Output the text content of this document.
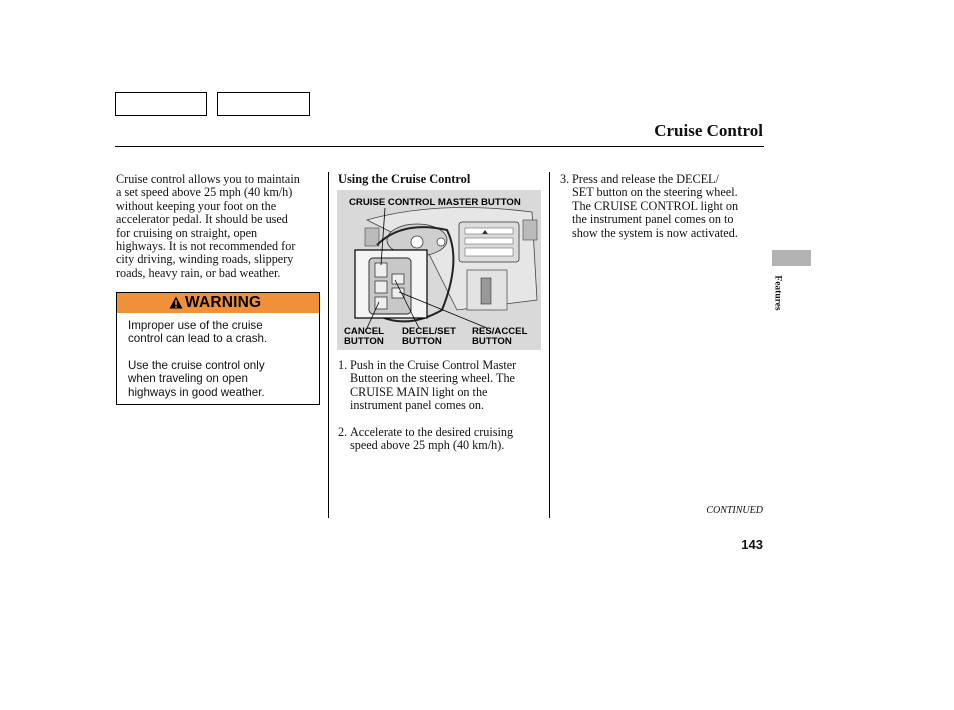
Cruise Control
Cruise control allows you to maintain
a set speed above 25 mph (40 km/h)
without keeping your foot on the
accelerator pedal. It should be used
for cruising on straight, open
highways. It is not recommended for
city driving, winding roads, slippery
roads, heavy rain, or bad weather.
WARNING
Improper use of the cruise
control can lead to a crash.
Use the cruise control only
when traveling on open
highways in good weather.
Using the Cruise Control
CRUISE CONTROL MASTER BUTTON
CANCEL
BUTTON
DECEL/SET
BUTTON
RES/ACCEL
BUTTON
1. Push in the Cruise Control Master
Button on the steering wheel. The
CRUISE MAIN light on the
instrument panel comes on.
2. Accelerate to the desired cruising
speed above 25 mph (40 km/h).
3. Press and release the DECEL/
SET button on the steering wheel.
The CRUISE CONTROL light on
the instrument panel comes on to
show the system is now activated.
Features
CONTINUED
143
